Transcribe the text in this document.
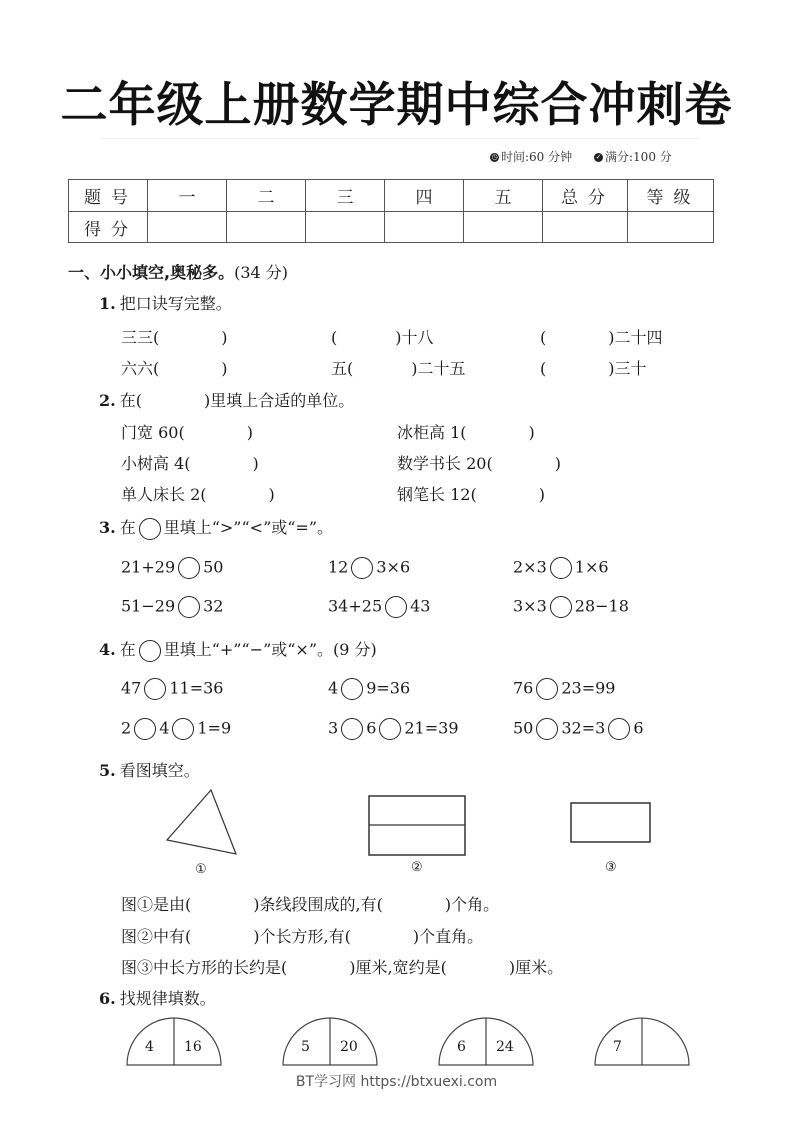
二年级上册数学期中综合冲刺卷
◷ 时间:60 分钟	✓ 满分:100 分
题号	一	二	三	四	五	总分	等级
得分							
一、小小填空,奥秘多。(34 分)
1. 把口诀写完整。
三三(	)	(	)十八	(	)二十四
六六(	)	五(	)二十五	(	)三十
2. 在(	)里填上合适的单位。
门宽 60(	)	冰柜高 1(	)
小树高 4(	)	数学书长 20(	)
单人床长 2(	)	钢笔长 12(	)
3. 在 里填上“>”“<”或“=”。
21+29 50	12 3×6	2×3 1×6
51−29 32	34+25 43	3×3 28−18
4. 在 里填上“+”“−”或“×”。(9 分)
47 11=36	4 9=36	76 23=99
2 4 1=9	3 6 21=39	50 32=3 6
5. 看图填空。
①	②	③
图①是由(	)条线段围成的,有(	)个角。
图②中有(	)个长方形,有(	)个直角。
图③中长方形的长约是(	)厘米,宽约是(	)厘米。
6. 找规律填数。
4 16	5 20	6 24	7
BT学习网 https://btxuexi.com
